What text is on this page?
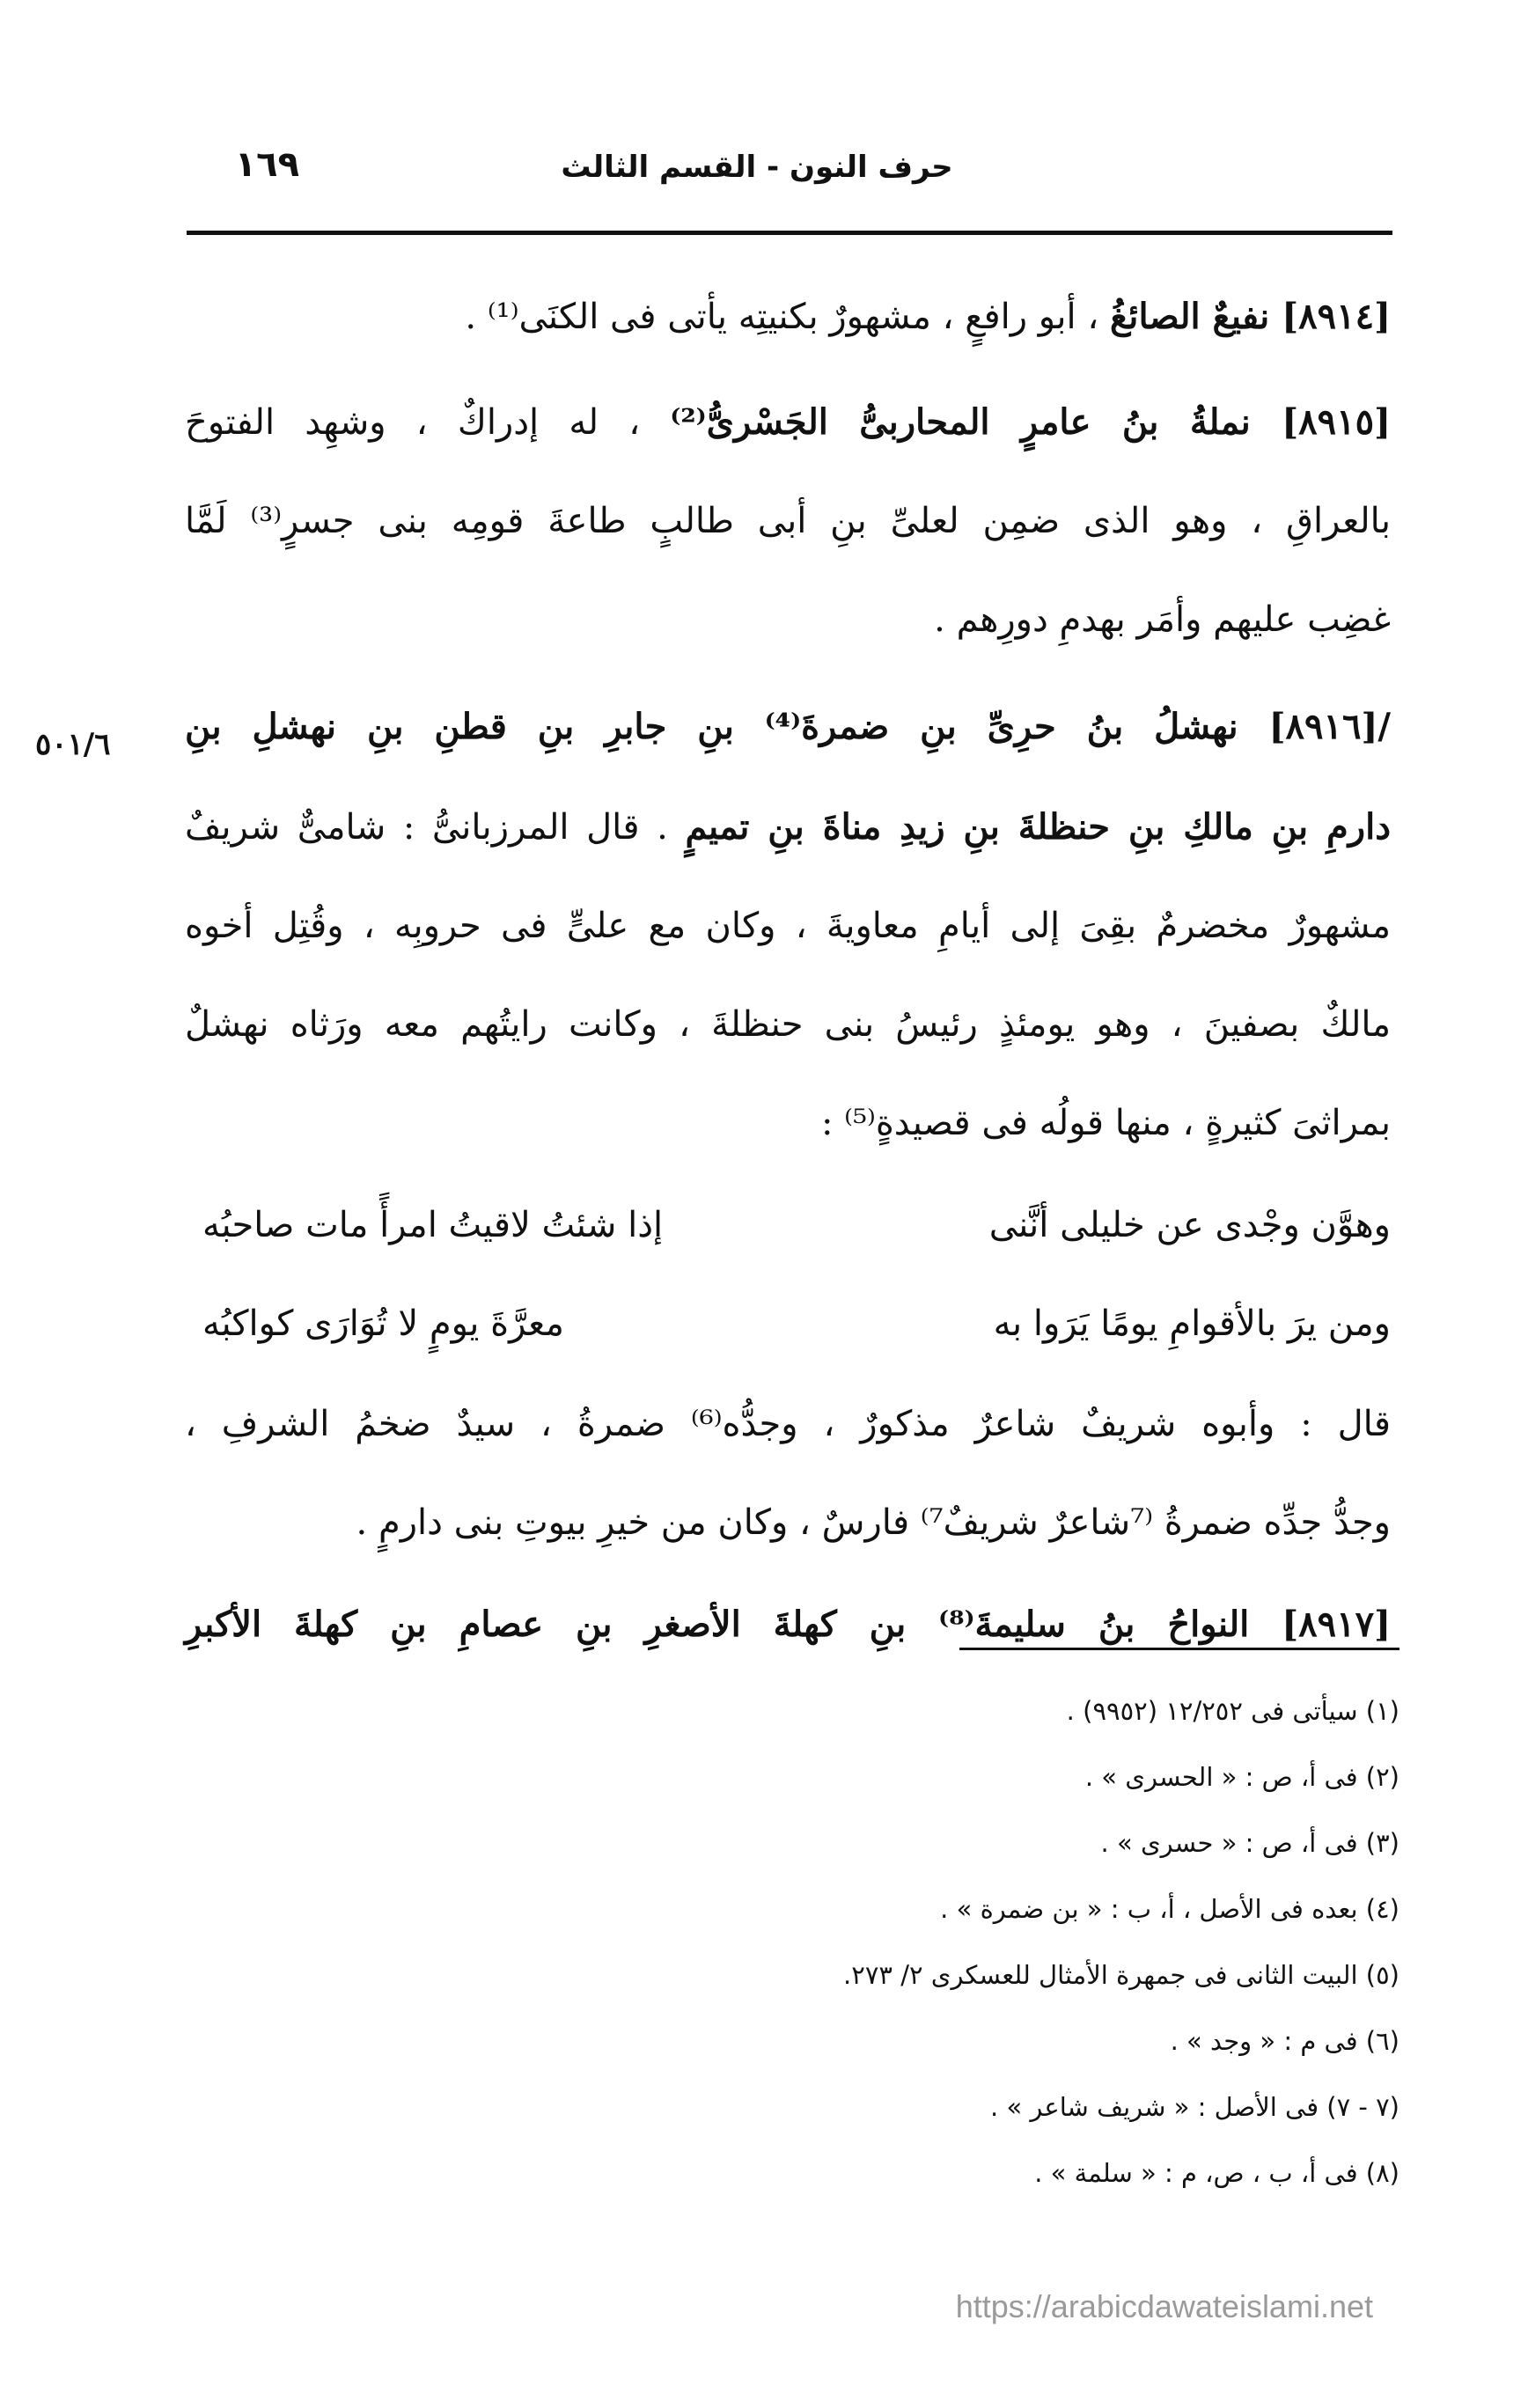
حرف النون - القسم الثالث
١٦٩
٥٠١/٦
[٨٩١٤] نفيعٌ الصائغُ ، أبو رافعٍ ، مشهورٌ بكنيتِه يأتى فى الكنَى⁽¹⁾ .
[٨٩١٥] نملةُ بنُ عامرٍ المحاربىُّ الجَسْرىُّ⁽²⁾ ، له إدراكٌ ، وشهِد الفتوحَ
بالعراقِ ، وهو الذى ضمِن لعلىِّ بنِ أبى طالبٍ طاعةَ قومِه بنى جسرٍ⁽³⁾ لَمَّا
غضِب عليهم وأمَر بهدمِ دورِهم .
/[٨٩١٦] نهشلُ بنُ حرِىِّ بنِ ضمرةَ⁽⁴⁾ بنِ جابرِ بنِ قطنِ بنِ نهشلِ بنِ
دارمِ بنِ مالكِ بنِ حنظلةَ بنِ زيدِ مناةَ بنِ تميمٍ . قال المرزبانىُّ : شامىٌّ شريفٌ
مشهورٌ مخضرمٌ بقِىَ إلى أيامِ معاويةَ ، وكان مع علىٍّ فى حروبِه ، وقُتِل أخوه
مالكٌ بصفينَ ، وهو يومئذٍ رئيسُ بنى حنظلةَ ، وكانت رايتُهم معه ورَثاه نهشلٌ
بمراثىَ كثيرةٍ ، منها قولُه فى قصيدةٍ⁽⁵⁾ :
وهوَّن وجْدى عن خليلى أنَّنى
إذا شئتُ لاقيتُ امرأً مات صاحبُه
ومن يرَ بالأقوامِ يومًا يَرَوا به
معرَّةَ يومٍ لا تُوَارَى كواكبُه
قال : وأبوه شريفٌ شاعرٌ مذكورٌ ، وجدُّه⁽⁶⁾ ضمرةُ ، سيدٌ ضخمُ الشرفِ ،
وجدُّ جدِّه ضمرةُ ⁽⁷شاعرٌ شريفٌ⁷⁾ فارسٌ ، وكان من خيرِ بيوتِ بنى دارمٍ .
[٨٩١٧] النواحُ بنُ سليمةَ⁽⁸⁾ بنِ كهلةَ الأصغرِ بنِ عصامِ بنِ كهلةَ الأكبرِ
(١) سيأتى فى ١٢/٢٥٢ (٩٩٥٢) .
(٢) فى أ، ص : « الحسرى » .
(٣) فى أ، ص : « حسرى » .
(٤) بعده فى الأصل ، أ، ب : « بن ضمرة » .
(٥) البيت الثانى فى جمهرة الأمثال للعسكرى ٢/ ٢٧٣.
(٦) فى م : « وجد » .
(٧ - ٧) فى الأصل : « شريف شاعر » .
(٨) فى أ، ب ، ص، م : « سلمة » .
https://arabicdawateislami.net
